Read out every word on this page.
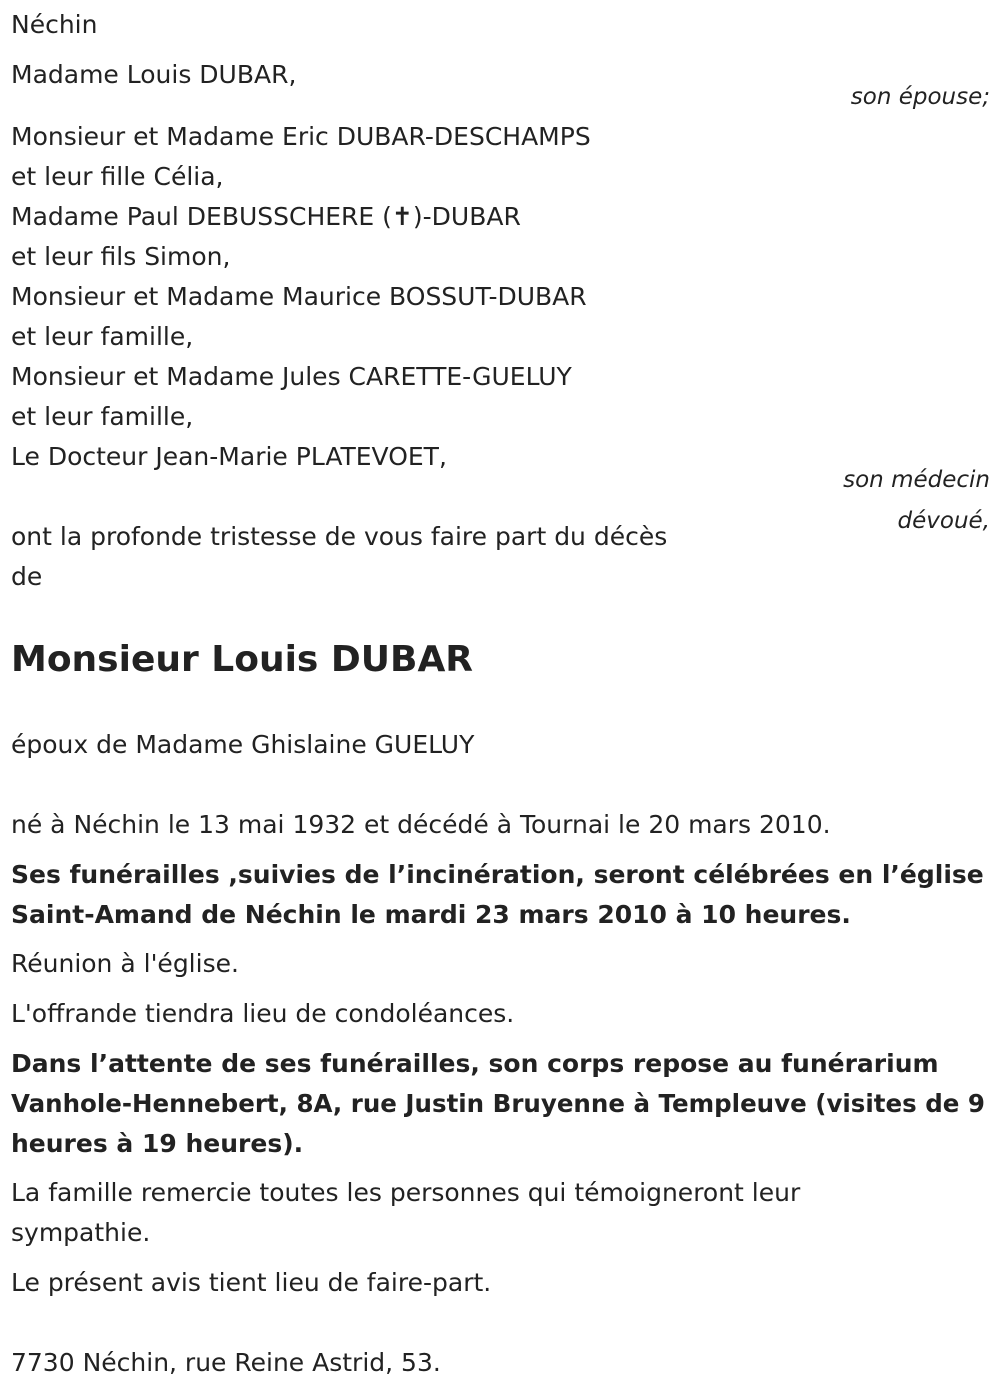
Néchin

Madame Louis DUBAR,

son épouse;

Monsieur et Madame Eric DUBAR-DESCHAMPS

et leur fille Célia,

Madame Paul DEBUSSCHERE (✝)-DUBAR

et leur fils Simon,

Monsieur et Madame Maurice BOSSUT-DUBAR

et leur famille,

Monsieur et Madame Jules CARETTE-GUELUY

et leur famille,

Le Docteur Jean-Marie PLATEVOET,

son médecin
dévoué,

ont la profonde tristesse de vous faire part du décès

de

Monsieur Louis DUBAR

époux de Madame Ghislaine GUELUY

né à Néchin le 13 mai 1932 et décédé à Tournai le 20 mars 2010.

Ses funérailles ,suivies de l’incinération, seront célébrées en l’église

Saint-Amand de Néchin le mardi 23 mars 2010 à 10 heures.

Réunion à l'église.

L'offrande tiendra lieu de condoléances.

Dans l’attente de ses funérailles, son corps repose au funérarium

Vanhole-Hennebert, 8A, rue Justin Bruyenne à Templeuve (visites de 9

heures à 19 heures).

La famille remercie toutes les personnes qui témoigneront leur

sympathie.

Le présent avis tient lieu de faire-part.

7730 Néchin, rue Reine Astrid, 53.
